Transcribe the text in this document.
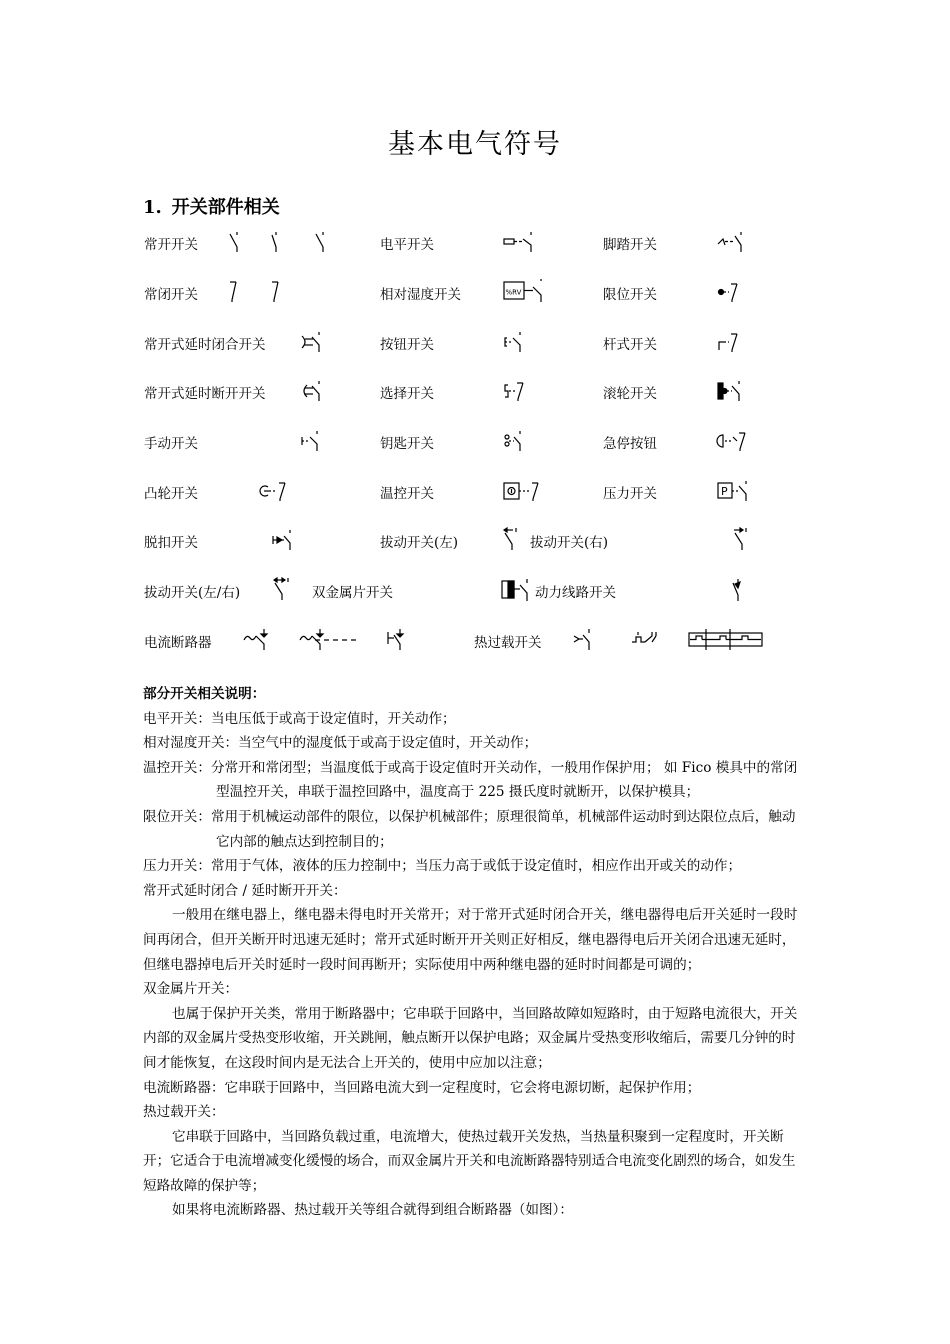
基本电气符号
1. 开关部件相关
常开开关	电平开关	脚踏开关
常闭开关	相对湿度开关	%RV	限位开关
常开式延时闭合开关	按钮开关	杆式开关
常开式延时断开开关	选择开关	滚轮开关
手动开关	钥匙开关	急停按钮
凸轮开关	温控开关	压力开关	P
脱扣开关	拔动开关(左)	拔动开关(右)
拔动开关(左/右)	双金属片开关	动力线路开关
电流断路器	热过载开关

部分开关相关说明：

电平开关：当电压低于或高于设定值时，开关动作；

相对湿度开关：当空气中的湿度低于或高于设定值时，开关动作；

温控开关：分常开和常闭型；当温度低于或高于设定值时开关动作，一般用作保护用； 如 Fico 模具中的常闭型温控开关，串联于温控回路中，温度高于 225 摄氏度时就断开，以保护模具；

限位开关：常用于机械运动部件的限位，以保护机械部件；原理很简单，机械部件运动时到达限位点后，触动它内部的触点达到控制目的；

压力开关：常用于气体，液体的压力控制中；当压力高于或低于设定值时，相应作出开或关的动作；

常开式延时闭合 / 延时断开开关：

一般用在继电器上，继电器未得电时开关常开；对于常开式延时闭合开关，继电器得电后开关延时一段时间再闭合，但开关断开时迅速无延时；常开式延时断开开关则正好相反，继电器得电后开关闭合迅速无延时，但继电器掉电后开关时延时一段时间再断开；实际使用中两种继电器的延时时间都是可调的；

双金属片开关：

也属于保护开关类，常用于断路器中；它串联于回路中，当回路故障如短路时，由于短路电流很大，开关内部的双金属片受热变形收缩，开关跳闸，触点断开以保护电路；双金属片受热变形收缩后，需要几分钟的时间才能恢复，在这段时间内是无法合上开关的，使用中应加以注意；

电流断路器：它串联于回路中，当回路电流大到一定程度时，它会将电源切断，起保护作用；

热过载开关：

它串联于回路中，当回路负载过重，电流增大，使热过载开关发热，当热量积聚到一定程度时，开关断开；它适合于电流增减变化缓慢的场合，而双金属片开关和电流断路器特别适合电流变化剧烈的场合，如发生短路故障的保护等；

如果将电流断路器、热过载开关等组合就得到组合断路器（如图）：
